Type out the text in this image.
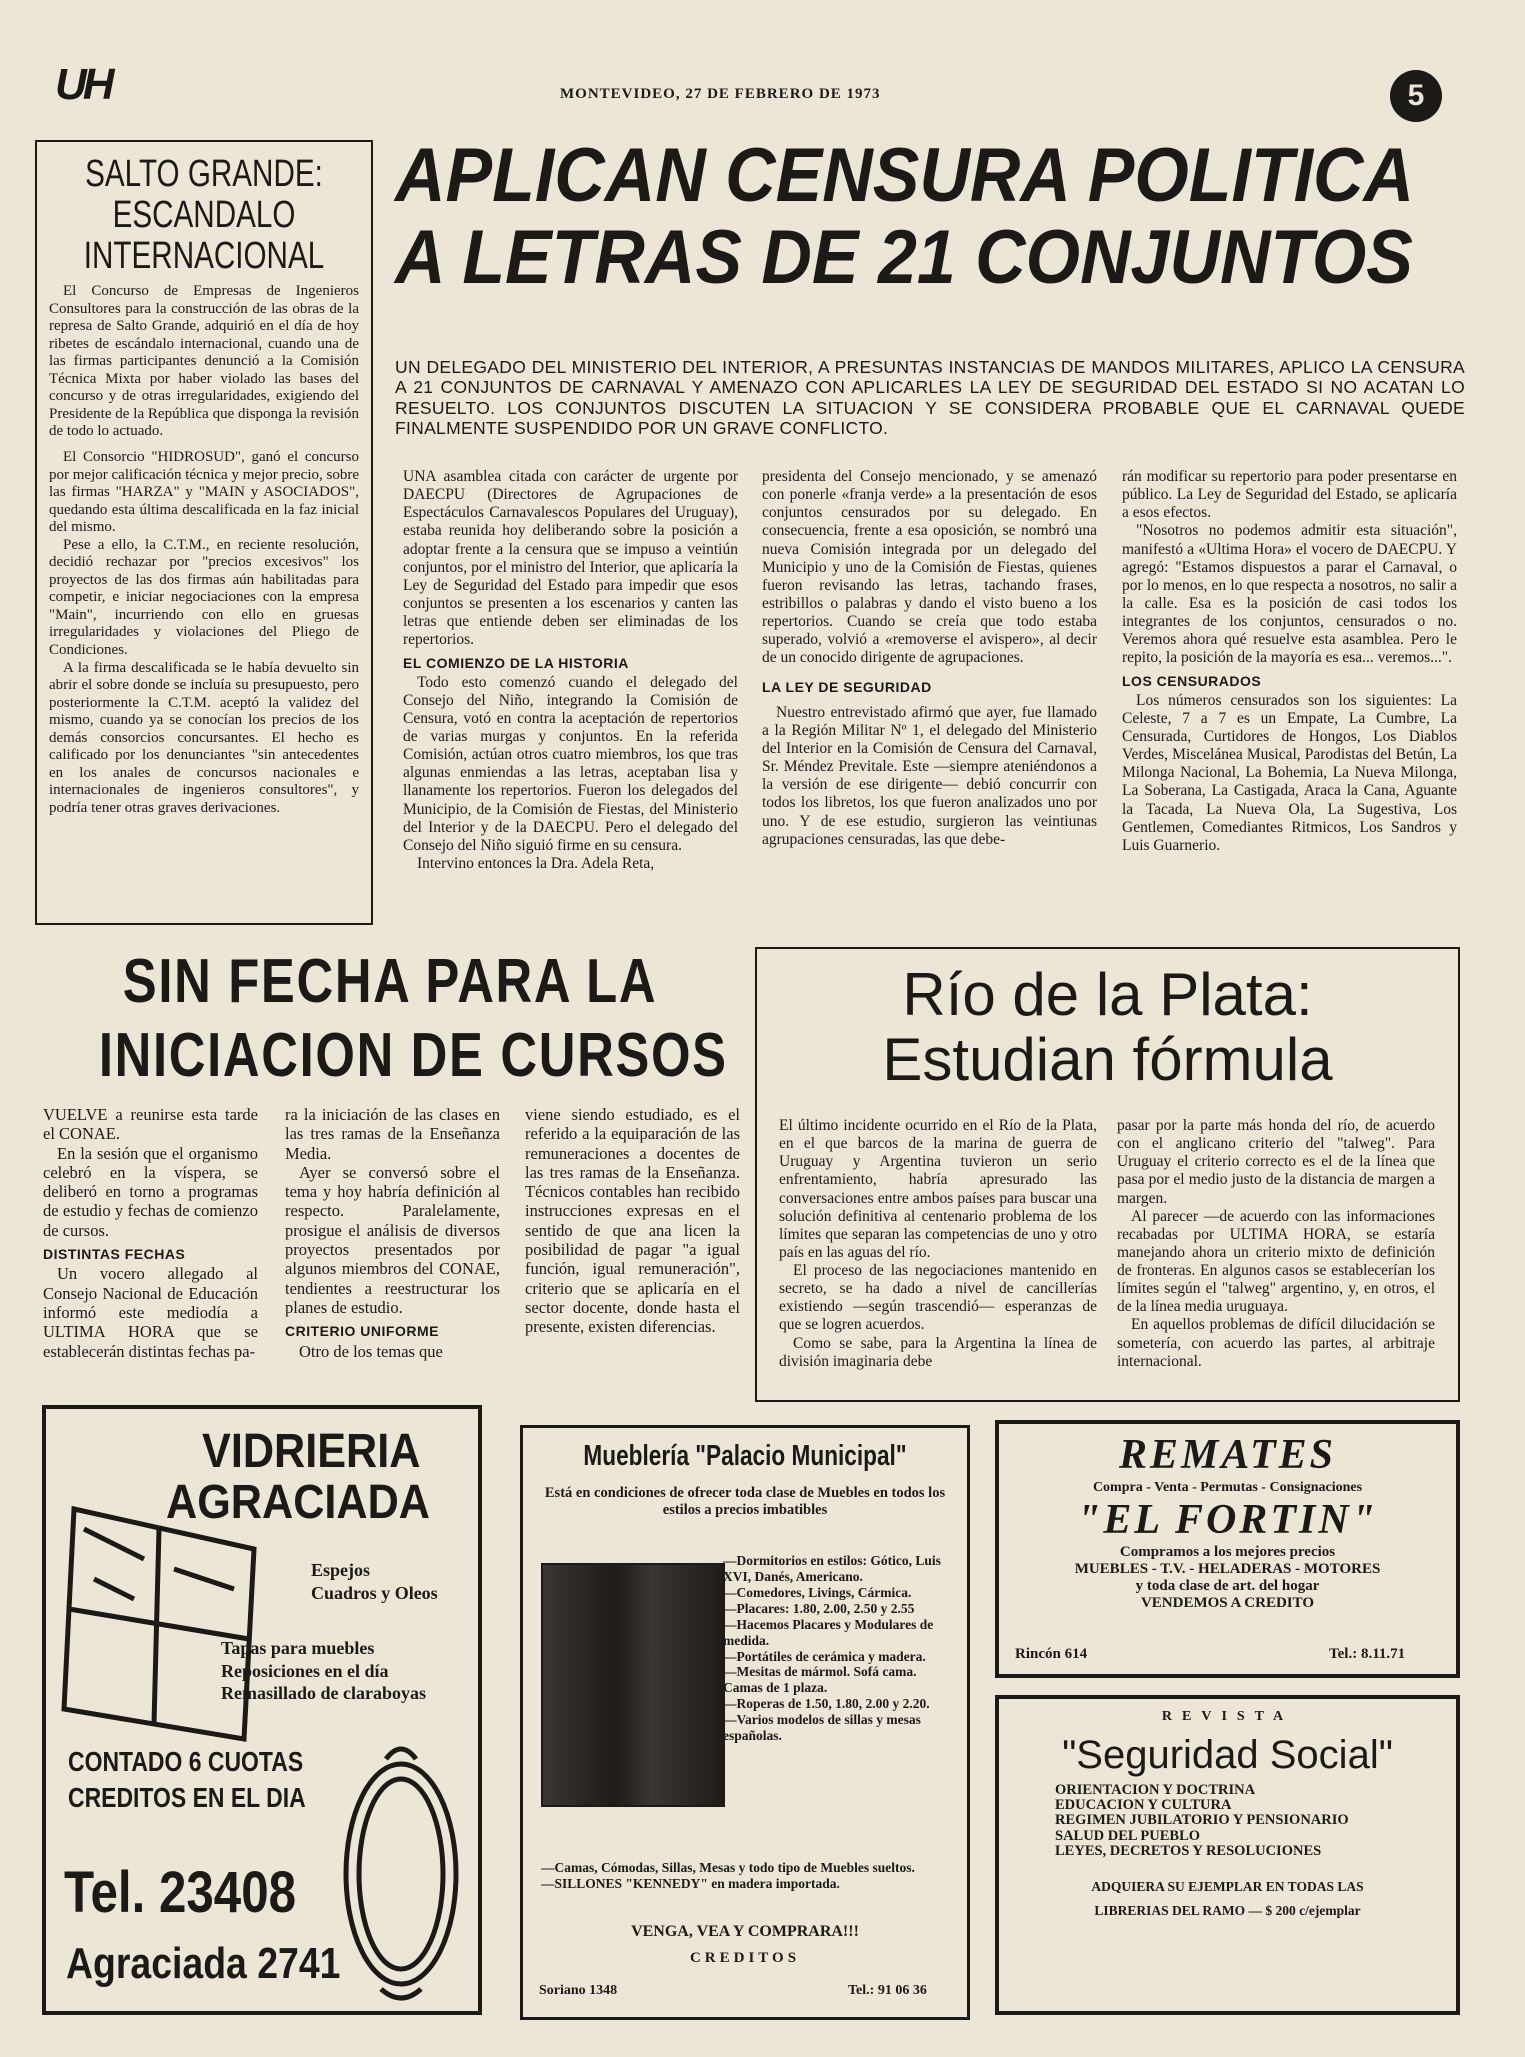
UH	MONTEVIDEO, 27 DE FEBRERO DE 1973	5
SALTO GRANDE:
ESCANDALO
INTERNACIONAL

El Concurso de Empresas de Ingenieros Consultores para la construcción de las obras de la represa de Salto Grande, adquirió en el día de hoy ribetes de escándalo internacional, cuando una de las firmas participantes denunció a la Comisión Técnica Mixta por haber violado las bases del concurso y de otras irregularidades, exigiendo del Presidente de la República que disponga la revisión de todo lo actuado.

El Consorcio "HIDROSUD", ganó el concurso por mejor calificación técnica y mejor precio, sobre las firmas "HARZA" y "MAIN y ASOCIADOS", quedando esta última descalificada en la faz inicial del mismo.

Pese a ello, la C.T.M., en reciente resolución, decidió rechazar por "precios excesivos" los proyectos de las dos firmas aún habilitadas para competir, e iniciar negociaciones con la empresa "Main", incurriendo con ello en gruesas irregularidades y violaciones del Pliego de Condiciones.

A la firma descalificada se le había devuelto sin abrir el sobre donde se incluía su presupuesto, pero posteriormente la C.T.M. aceptó la validez del mismo, cuando ya se conocían los precios de los demás consorcios concursantes. El hecho es calificado por los denunciantes "sin antecedentes en los anales de concursos nacionales e internacionales de ingenieros consultores", y podría tener otras graves derivaciones.

APLICAN CENSURA POLITICA
A LETRAS DE 21 CONJUNTOS
UN DELEGADO DEL MINISTERIO DEL INTERIOR, A PRESUNTAS INSTANCIAS DE MANDOS MILITARES, APLICO LA CENSURA A 21 CONJUNTOS DE CARNAVAL Y AMENAZO CON APLICARLES LA LEY DE SEGURIDAD DEL ESTADO SI NO ACATAN LO RESUELTO. LOS CONJUNTOS DISCUTEN LA SITUACION Y SE CONSIDERA PROBABLE QUE EL CARNAVAL QUEDE FINALMENTE SUSPENDIDO POR UN GRAVE CONFLICTO.

UNA asamblea citada con carácter de urgente por DAECPU (Directores de Agrupaciones de Espectáculos Carnavalescos Populares del Uruguay), estaba reunida hoy deliberando sobre la posición a adoptar frente a la censura que se impuso a veintiún conjuntos, por el ministro del Interior, que aplicaría la Ley de Seguridad del Estado para impedir que esos conjuntos se presenten a los escenarios y canten las letras que entiende deben ser eliminadas de los repertorios.

EL COMIENZO DE LA HISTORIA

Todo esto comenzó cuando el delegado del Consejo del Niño, integrando la Comisión de Censura, votó en contra la aceptación de repertorios de varias murgas y conjuntos. En la referida Comisión, actúan otros cuatro miembros, los que tras algunas enmiendas a las letras, aceptaban lisa y llanamente los repertorios. Fueron los delegados del Municipio, de la Comisión de Fiestas, del Ministerio del Interior y de la DAECPU. Pero el delegado del Consejo del Niño siguió firme en su censura.

Intervino entonces la Dra. Adela Reta,

presidenta del Consejo mencionado, y se amenazó con ponerle «franja verde» a la presentación de esos conjuntos censurados por su delegado. En consecuencia, frente a esa oposición, se nombró una nueva Comisión integrada por un delegado del Municipio y uno de la Comisión de Fiestas, quienes fueron revisando las letras, tachando frases, estribillos o palabras y dando el visto bueno a los repertorios. Cuando se creía que todo estaba superado, volvió a «removerse el avispero», al decir de un conocido dirigente de agrupaciones.

LA LEY DE SEGURIDAD

Nuestro entrevistado afirmó que ayer, fue llamado a la Región Militar Nº 1, el delegado del Ministerio del Interior en la Comisión de Censura del Carnaval, Sr. Méndez Previtale. Este —siempre ateniéndonos a la versión de ese dirigente— debió concurrir con todos los libretos, los que fueron analizados uno por uno. Y de ese estudio, surgieron las veintiunas agrupaciones censuradas, las que debe-

rán modificar su repertorio para poder presentarse en público. La Ley de Seguridad del Estado, se aplicaría a esos efectos.

"Nosotros no podemos admitir esta situación", manifestó a «Ultima Hora» el vocero de DAECPU. Y agregó: "Estamos dispuestos a parar el Carnaval, o por lo menos, en lo que respecta a nosotros, no salir a la calle. Esa es la posición de casi todos los integrantes de los conjuntos, censurados o no. Veremos ahora qué resuelve esta asamblea. Pero le repito, la posición de la mayoría es esa... veremos...".

LOS CENSURADOS

Los números censurados son los siguientes: La Celeste, 7 a 7 es un Empate, La Cumbre, La Censurada, Curtidores de Hongos, Los Diablos Verdes, Miscelánea Musical, Parodistas del Betún, La Milonga Nacional, La Bohemia, La Nueva Milonga, La Soberana, La Castigada, Araca la Cana, Aguante la Tacada, La Nueva Ola, La Sugestiva, Los Gentlemen, Comediantes Ritmicos, Los Sandros y Luis Guarnerio.

SIN FECHA PARA LA
INICIACION DE CURSOS

VUELVE a reunirse esta tarde el CONAE.

En la sesión que el organismo celebró en la víspera, se deliberó en torno a programas de estudio y fechas de comienzo de cursos.

DISTINTAS FECHAS

Un vocero allegado al Consejo Nacional de Educación informó este mediodía a ULTIMA HORA que se establecerán distintas fechas pa-

ra la iniciación de las clases en las tres ramas de la Enseñanza Media.

Ayer se conversó sobre el tema y hoy habría definición al respecto. Paralelamente, prosigue el análisis de diversos proyectos presentados por algunos miembros del CONAE, tendientes a reestructurar los planes de estudio.

CRITERIO UNIFORME

Otro de los temas que

viene siendo estudiado, es el referido a la equiparación de las remuneraciones a docentes de las tres ramas de la Enseñanza. Técnicos contables han recibido instrucciones expresas en el sentido de que ana licen la posibilidad de pagar "a igual función, igual remuneración", criterio que se aplicaría en el sector docente, donde hasta el presente, existen diferencias.

Río de la Plata:
Estudian fórmula

El último incidente ocurrido en el Río de la Plata, en el que barcos de la marina de guerra de Uruguay y Argentina tuvieron un serio enfrentamiento, habría apresurado las conversaciones entre ambos países para buscar una solución definitiva al centenario problema de los límites que separan las competencias de uno y otro país en las aguas del río.

El proceso de las negociaciones mantenido en secreto, se ha dado a nivel de cancillerías existiendo —según trascendió— esperanzas de que se logren acuerdos.

Como se sabe, para la Argentina la línea de división imaginaria debe

pasar por la parte más honda del río, de acuerdo con el anglicano criterio del "talweg". Para Uruguay el criterio correcto es el de la línea que pasa por el medio justo de la distancia de margen a margen.

Al parecer —de acuerdo con las informaciones recabadas por ULTIMA HORA, se estaría manejando ahora un criterio mixto de definición de fronteras. En algunos casos se establecerían los límites según el "talweg" argentino, y, en otros, el de la línea media uruguaya.

En aquellos problemas de difícil dilucidación se sometería, con acuerdo las partes, al arbitraje internacional.

VIDRIERIA
AGRACIADA
Espejos
Cuadros y Oleos
Tapas para muebles
Reposiciones en el día
Remasillado de claraboyas
CONTADO 6 CUOTAS
CREDITOS EN EL DIA
Tel. 23408
Agraciada 2741
Mueblería "Palacio Municipal"
Está en condiciones de ofrecer toda clase de Muebles en todos los estilos a precios imbatibles
—Dormitorios en estilos: Gótico, Luis XVI, Danés, Americano.
—Comedores, Livings, Cármica.
—Placares: 1.80, 2.00, 2.50 y 2.55
—Hacemos Placares y Modulares de medida.
—Portátiles de cerámica y madera.
—Mesitas de mármol. Sofá cama. Camas de 1 plaza.
—Roperas de 1.50, 1.80, 2.00 y 2.20.
—Varios modelos de sillas y mesas españolas.
—Camas, Cómodas, Sillas, Mesas y todo tipo de Muebles sueltos.
—SILLONES "KENNEDY" en madera importada.
VENGA, VEA Y COMPRARA!!!
CREDITOS
Soriano 1348	Tel.: 91 06 36
REMATES
Compra - Venta - Permutas - Consignaciones
"EL FORTIN"
Compramos a los mejores precios
MUEBLES - T.V. - HELADERAS - MOTORES
y toda clase de art. del hogar
VENDEMOS A CREDITO
Rincón 614	Tel.: 8.11.71
REVISTA
"Seguridad Social"
ORIENTACION Y DOCTRINA
EDUCACION Y CULTURA
REGIMEN JUBILATORIO Y PENSIONARIO
SALUD DEL PUEBLO
LEYES, DECRETOS Y RESOLUCIONES
ADQUIERA SU EJEMPLAR EN TODAS LAS
LIBRERIAS DEL RAMO — $ 200 c/ejemplar
